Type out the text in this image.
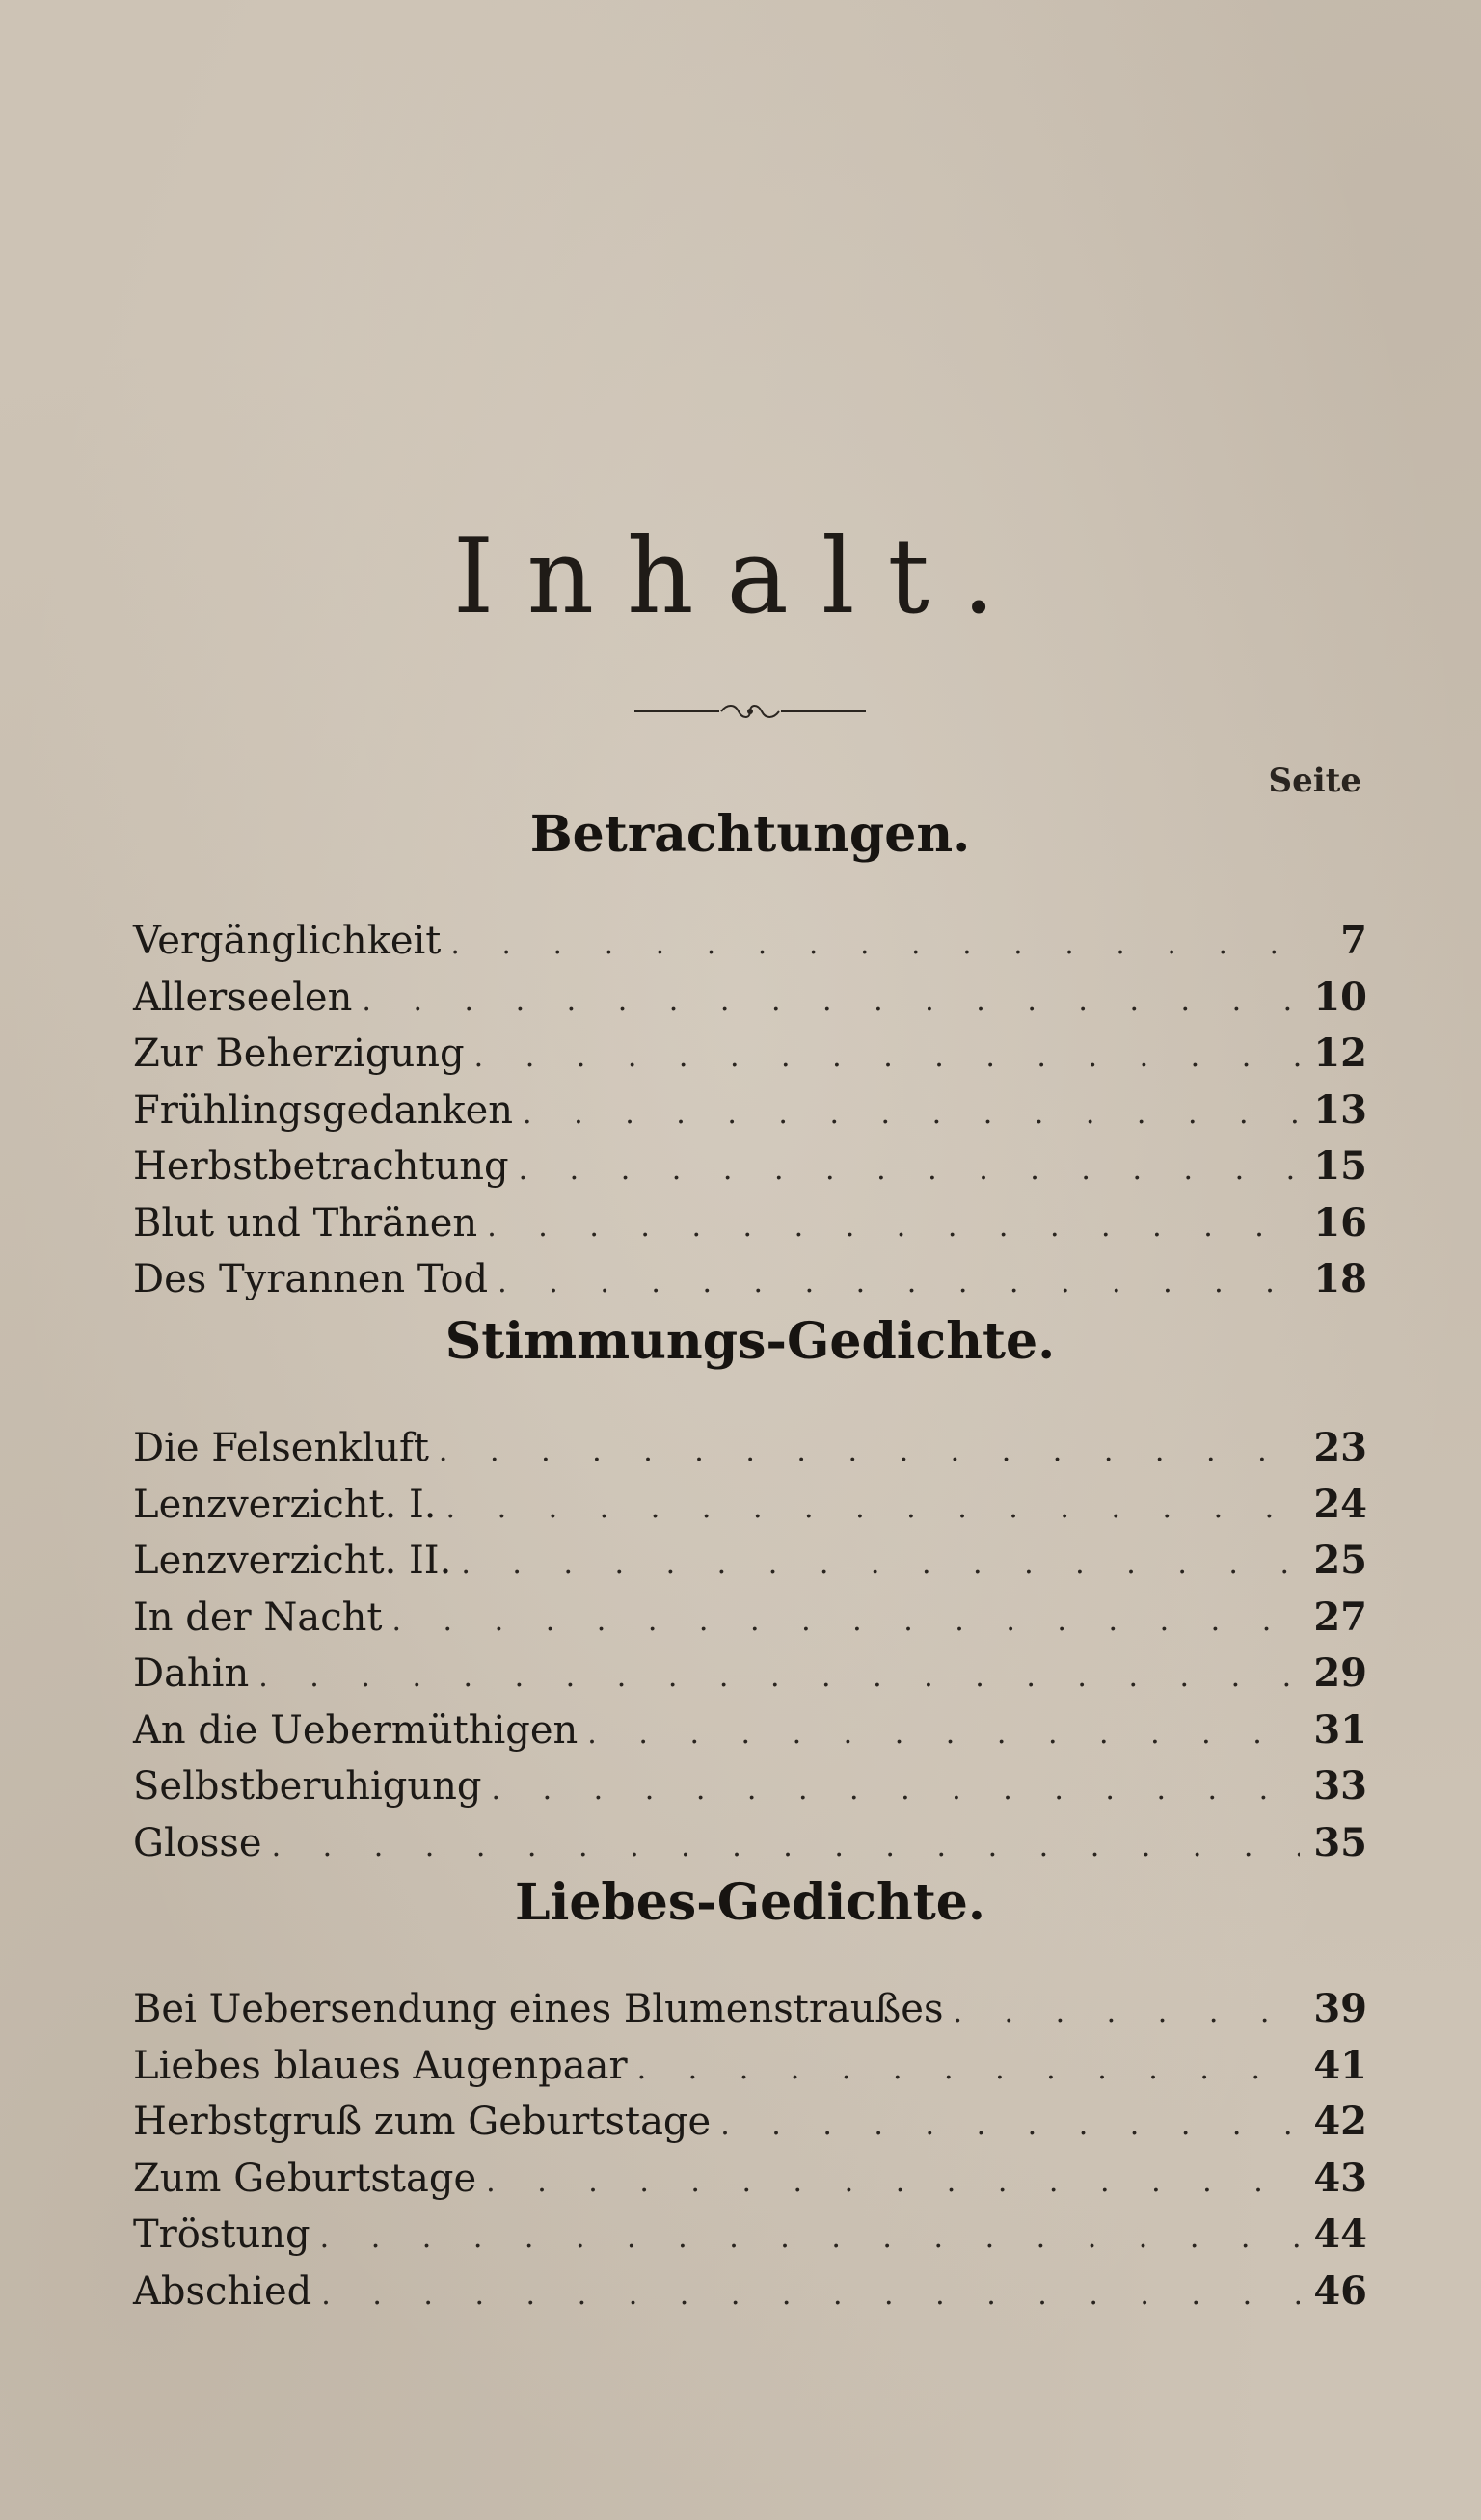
Inhalt.
Seite
Betrachtungen.
Vergänglichkeit . . .	7
Allerseelen . . .	10
Zur Beherzigung . . .	12
Frühlingsgedanken . . .	13
Herbstbetrachtung . . .	15
Blut und Thränen . . .	16
Des Tyrannen Tod . . .	18
Stimmungs-Gedichte.
Die Felsenkluft . . .	23
Lenzverzicht. I. . . .	24
Lenzverzicht. II. . . .	25
In der Nacht . . .	27
Dahin . . .	29
An die Uebermüthigen . . .	31
Selbstberuhigung . . .	33
Glosse . . .	35
Liebes-Gedichte.
Bei Uebersendung eines Blumenstraußes . . .	39
Liebes blaues Augenpaar . . .	41
Herbstgruß zum Geburtstage . . .	42
Zum Geburtstage . . .	43
Tröstung . . .	44
Abschied . . .	46
